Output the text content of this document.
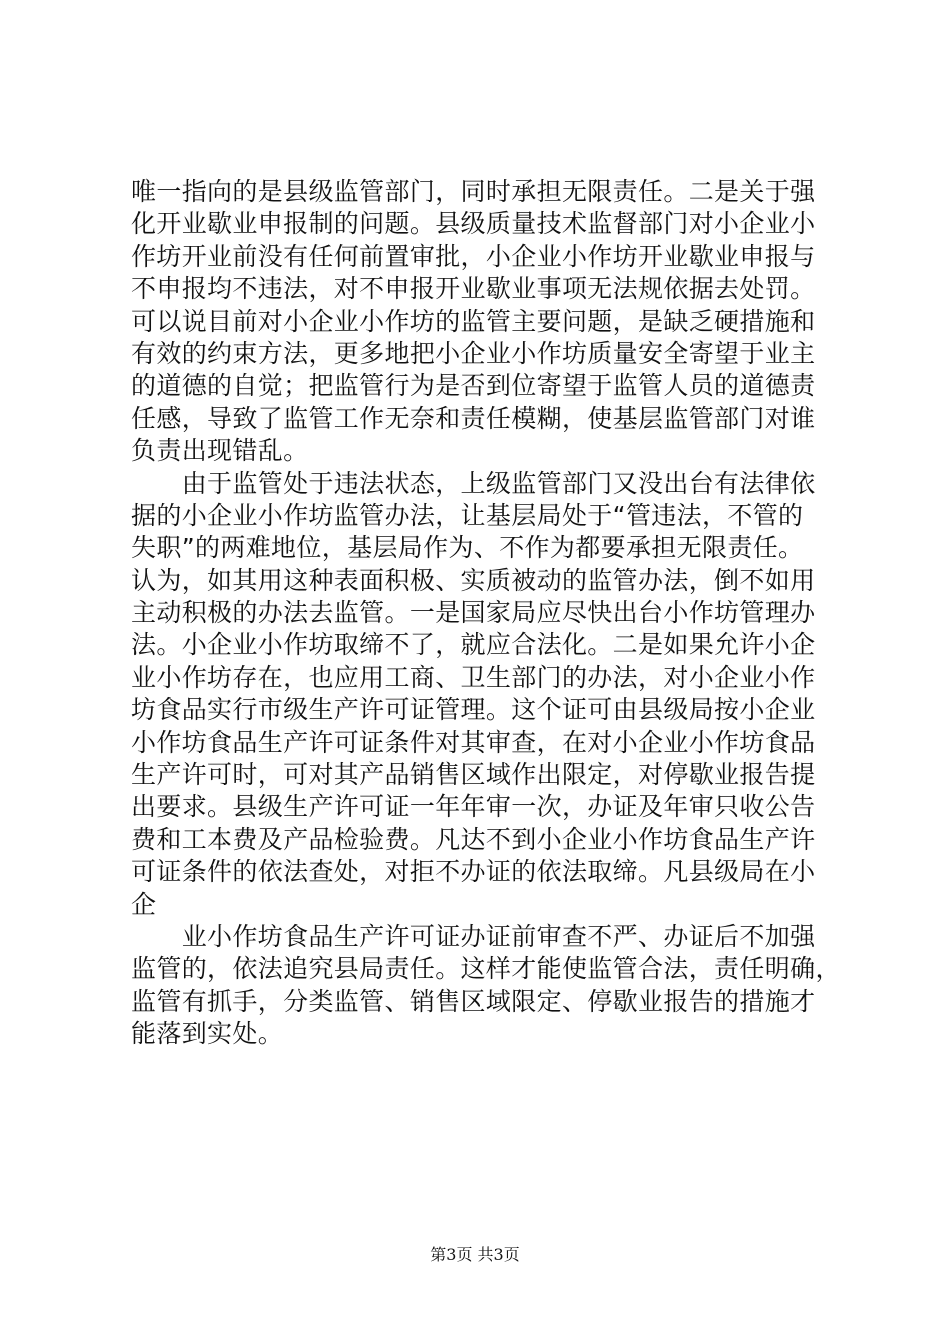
唯一指向的是县级监管部门，同时承担无限责任。二是关于强
化开业歇业申报制的问题。县级质量技术监督部门对小企业小
作坊开业前没有任何前置审批，小企业小作坊开业歇业申报与
不申报均不违法，对不申报开业歇业事项无法规依据去处罚。
可以说目前对小企业小作坊的监管主要问题，是缺乏硬措施和
有效的约束方法，更多地把小企业小作坊质量安全寄望于业主
的道德的自觉；把监管行为是否到位寄望于监管人员的道德责
任感，导致了监管工作无奈和责任模糊，使基层监管部门对谁
负责出现错乱。
　　由于监管处于违法状态，上级监管部门又没出台有法律依
据的小企业小作坊监管办法，让基层局处于“管违法，不管的
失职”的两难地位，基层局作为、不作为都要承担无限责任。
认为，如其用这种表面积极、实质被动的监管办法，倒不如用
主动积极的办法去监管。一是国家局应尽快出台小作坊管理办
法。小企业小作坊取缔不了，就应合法化。二是如果允许小企
业小作坊存在，也应用工商、卫生部门的办法，对小企业小作
坊食品实行市级生产许可证管理。这个证可由县级局按小企业
小作坊食品生产许可证条件对其审查，在对小企业小作坊食品
生产许可时，可对其产品销售区域作出限定，对停歇业报告提
出要求。县级生产许可证一年年审一次，办证及年审只收公告
费和工本费及产品检验费。凡达不到小企业小作坊食品生产许
可证条件的依法查处，对拒不办证的依法取缔。凡县级局在小
企
　　业小作坊食品生产许可证办证前审查不严、办证后不加强
监管的，依法追究县局责任。这样才能使监管合法，责任明确，
监管有抓手，分类监管、销售区域限定、停歇业报告的措施才
能落到实处。
第3页 共3页
